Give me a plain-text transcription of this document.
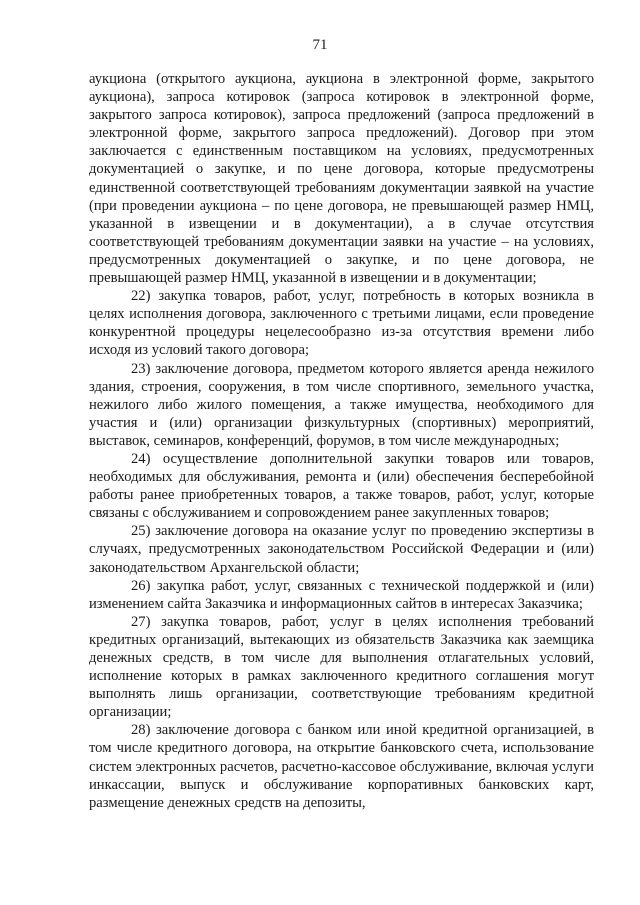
71

аукциона (открытого аукциона, аукциона в электронной форме, закрытого аукциона), запроса котировок (запроса котировок в электронной форме, закрытого запроса котировок), запроса предложений (запроса предложений в электронной форме, закрытого запроса предложений). Договор при этом заключается с единственным поставщиком на условиях, предусмотренных документацией о закупке, и по цене договора, которые предусмотрены единственной соответствующей требованиям документации заявкой на участие (при проведении аукциона – по цене договора, не превышающей размер НМЦ, указанной в извещении и в документации), а в случае отсутствия соответствующей требованиям документации заявки на участие – на условиях, предусмотренных документацией о закупке, и по цене договора, не превышающей размер НМЦ, указанной в извещении и в документации;

22) закупка товаров, работ, услуг, потребность в которых возникла в целях исполнения договора, заключенного с третьими лицами, если проведение конкурентной процедуры нецелесообразно из-за отсутствия времени либо исходя из условий такого договора;

23) заключение договора, предметом которого является аренда нежилого здания, строения, сооружения, в том числе спортивного, земельного участка, нежилого либо жилого помещения, а также имущества, необходимого для участия и (или) организации физкультурных (спортивных) мероприятий, выставок, семинаров, конференций, форумов, в том числе международных;

24) осуществление дополнительной закупки товаров или товаров, необходимых для обслуживания, ремонта и (или) обеспечения бесперебойной работы ранее приобретенных товаров, а также товаров, работ, услуг, которые связаны с обслуживанием и сопровождением ранее закупленных товаров;

25) заключение договора на оказание услуг по проведению экспертизы в случаях, предусмотренных законодательством Российской Федерации и (или) законодательством Архангельской области;

26) закупка работ, услуг, связанных с технической поддержкой и (или) изменением сайта Заказчика и информационных сайтов в интересах Заказчика;

27) закупка товаров, работ, услуг в целях исполнения требований кредитных организаций, вытекающих из обязательств Заказчика как заемщика денежных средств, в том числе для выполнения отлагательных условий, исполнение которых в рамках заключенного кредитного соглашения могут выполнять лишь организации, соответствующие требованиям кредитной организации;

28) заключение договора с банком или иной кредитной организацией, в том числе кредитного договора, на открытие банковского счета, использование систем электронных расчетов, расчетно-кассовое обслуживание, включая услуги инкассации, выпуск и обслуживание корпоративных банковских карт, размещение денежных средств на депозиты,
